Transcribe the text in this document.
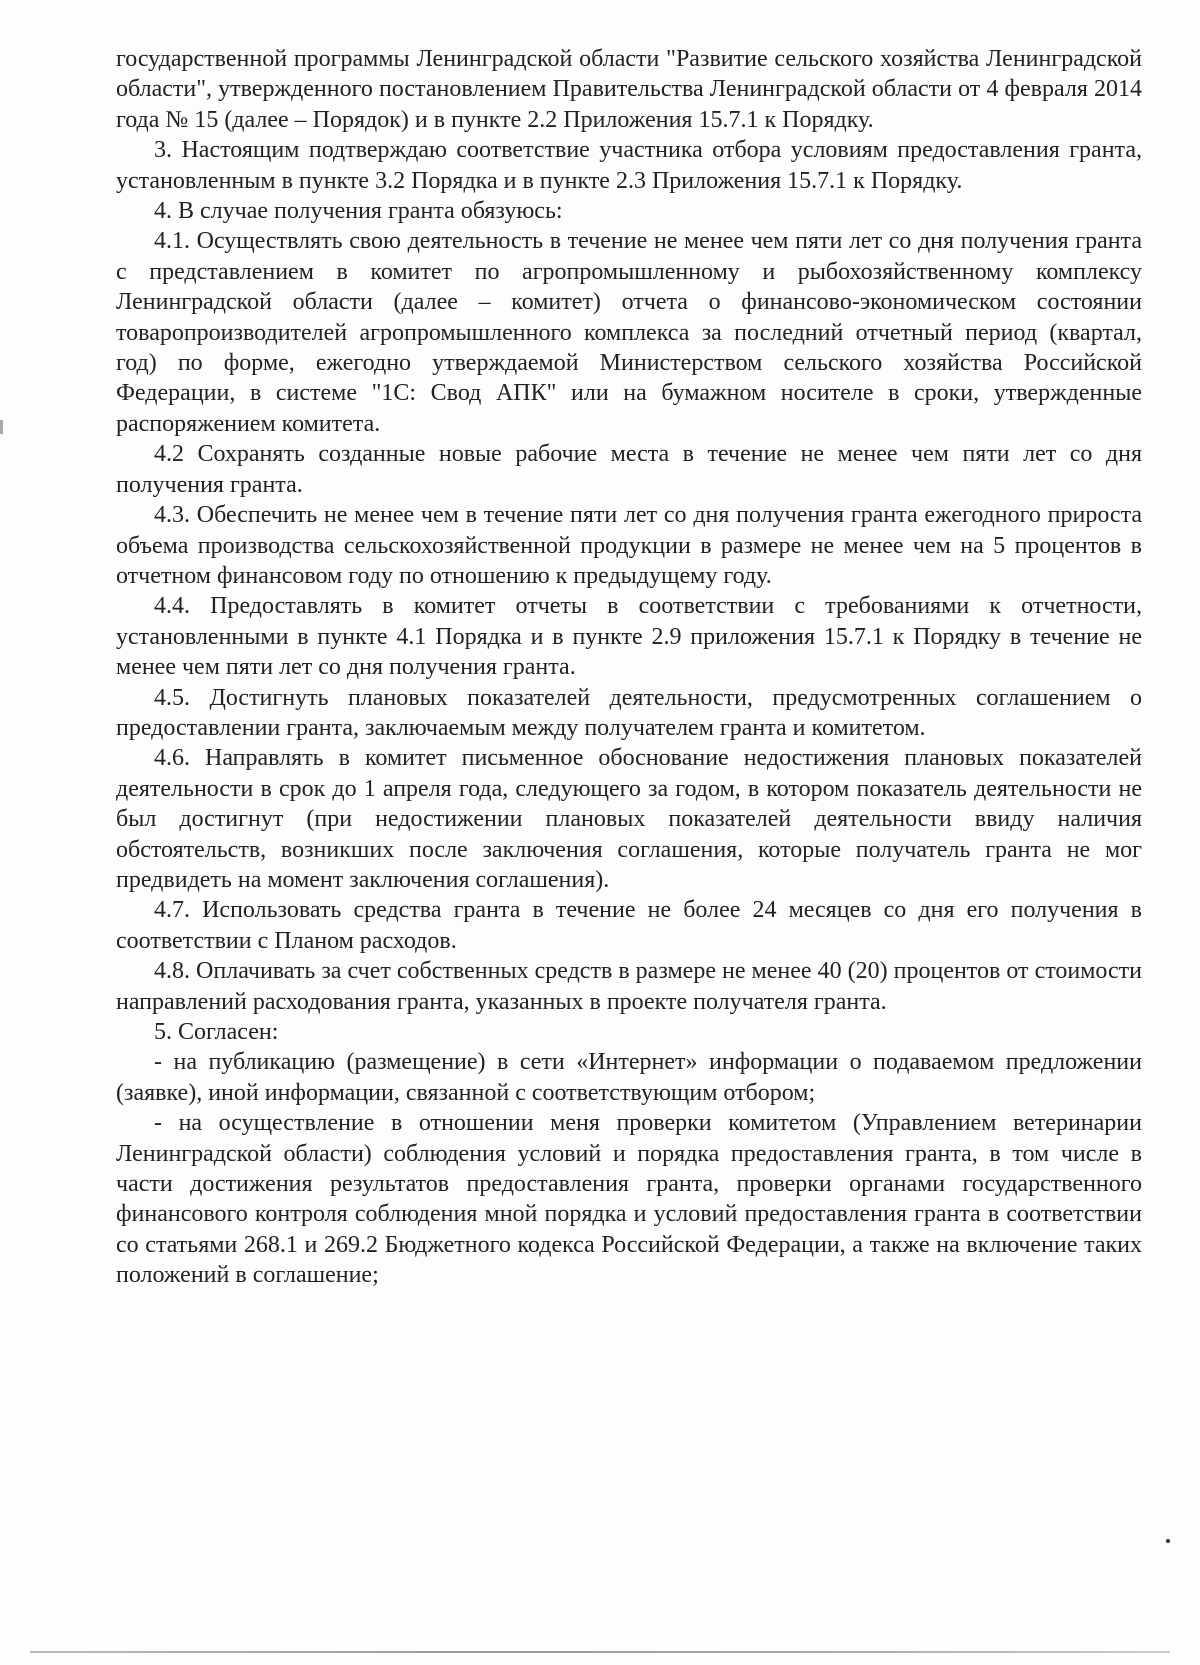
государственной программы Ленинградской области "Развитие сельского хозяйства Ленинградской области", утвержденного постановлением Правительства Ленинградской области от 4 февраля 2014 года № 15 (далее – Порядок) и в пункте 2.2 Приложения 15.7.1 к Порядку.

3. Настоящим подтверждаю соответствие участника отбора условиям предоставления гранта, установленным в пункте 3.2 Порядка и в пункте 2.3 Приложения 15.7.1 к Порядку.

4. В случае получения гранта обязуюсь:

4.1. Осуществлять свою деятельность в течение не менее чем пяти лет со дня получения гранта с представлением в комитет по агропромышленному и рыбохозяйственному комплексу Ленинградской области (далее – комитет) отчета о финансово-экономическом состоянии товаропроизводителей агропромышленного комплекса за последний отчетный период (квартал, год) по форме, ежегодно утверждаемой Министерством сельского хозяйства Российской Федерации, в системе "1С: Свод АПК" или на бумажном носителе в сроки, утвержденные распоряжением комитета.

4.2 Сохранять созданные новые рабочие места в течение не менее чем пяти лет со дня получения гранта.

4.3. Обеспечить не менее чем в течение пяти лет со дня получения гранта ежегодного прироста объема производства сельскохозяйственной продукции в размере не менее чем на 5 процентов в отчетном финансовом году по отношению к предыдущему году.

4.4. Предоставлять в комитет отчеты в соответствии с требованиями к отчетности, установленными в пункте 4.1 Порядка и в пункте 2.9 приложения 15.7.1 к Порядку в течение не менее чем пяти лет со дня получения гранта.

4.5. Достигнуть плановых показателей деятельности, предусмотренных соглашением о предоставлении гранта, заключаемым между получателем гранта и комитетом.

4.6. Направлять в комитет письменное обоснование недостижения плановых показателей деятельности в срок до 1 апреля года, следующего за годом, в котором показатель деятельности не был достигнут (при недостижении плановых показателей деятельности ввиду наличия обстоятельств, возникших после заключения соглашения, которые получатель гранта не мог предвидеть на момент заключения соглашения).

4.7. Использовать средства гранта в течение не более 24 месяцев со дня его получения в соответствии с Планом расходов.

4.8. Оплачивать за счет собственных средств в размере не менее 40 (20) процентов от стоимости направлений расходования гранта, указанных в проекте получателя гранта.

5. Согласен:

- на публикацию (размещение) в сети «Интернет» информации о подаваемом предложении (заявке), иной информации, связанной с соответствующим отбором;

- на осуществление в отношении меня проверки комитетом (Управлением ветеринарии Ленинградской области) соблюдения условий и порядка предоставления гранта, в том числе в части достижения результатов предоставления гранта, проверки органами государственного финансового контроля соблюдения мной порядка и условий предоставления гранта в соответствии со статьями 268.1 и 269.2 Бюджетного кодекса Российской Федерации, а также на включение таких положений в соглашение;
